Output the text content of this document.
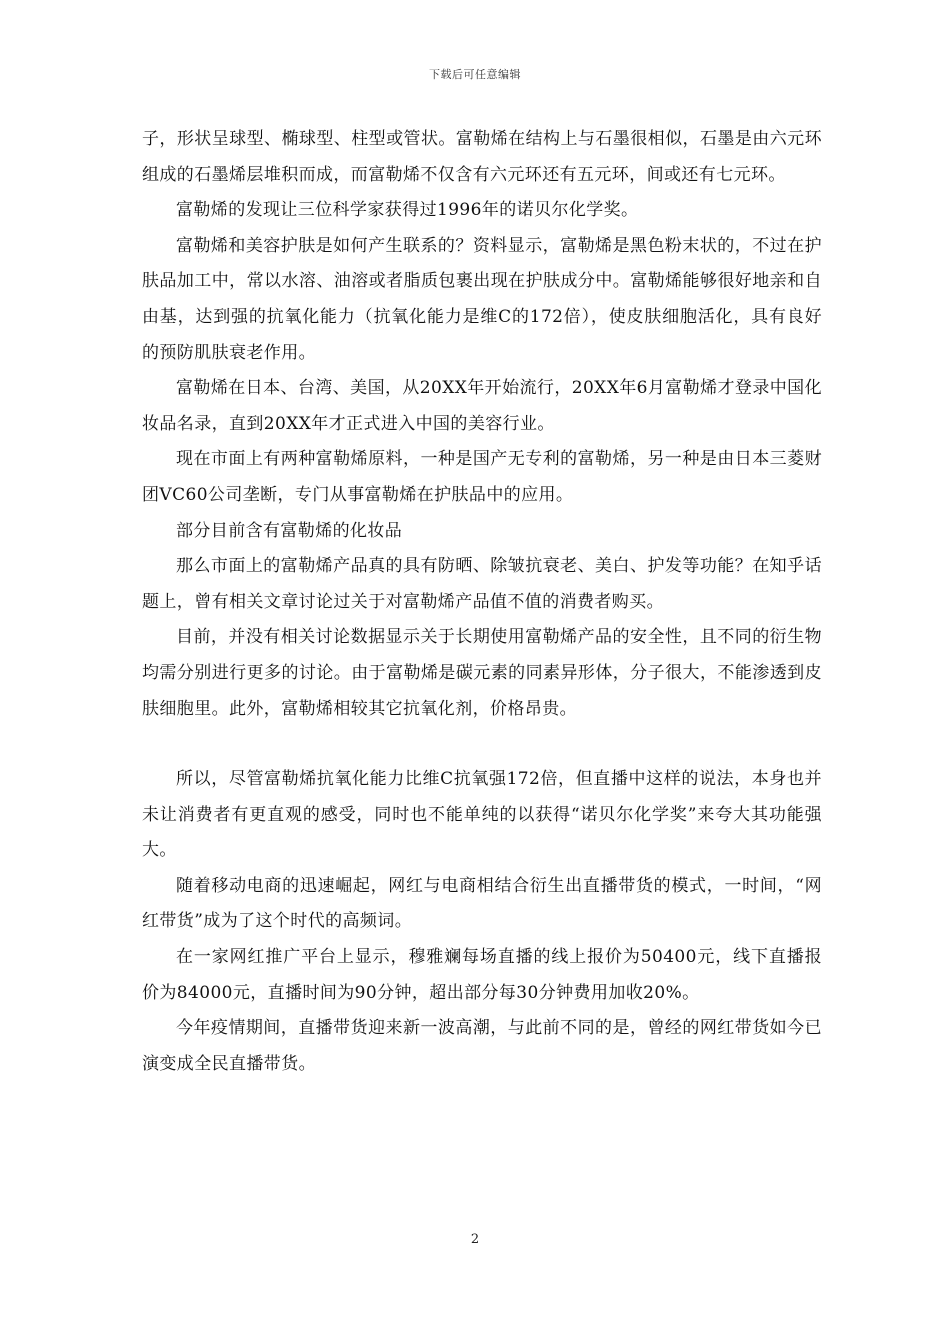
下载后可任意编辑

子，形状呈球型、椭球型、柱型或管状。富勒烯在结构上与石墨很相似，石墨是由六元环组成的石墨烯层堆积而成，而富勒烯不仅含有六元环还有五元环，间或还有七元环。

富勒烯的发现让三位科学家获得过1996年的诺贝尔化学奖。

富勒烯和美容护肤是如何产生联系的？资料显示，富勒烯是黑色粉末状的，不过在护肤品加工中，常以水溶、油溶或者脂质包裹出现在护肤成分中。富勒烯能够很好地亲和自由基，达到强的抗氧化能力（抗氧化能力是维C的172倍），使皮肤细胞活化，具有良好的预防肌肤衰老作用。

富勒烯在日本、台湾、美国，从20XX年开始流行，20XX年6月富勒烯才登录中国化妆品名录，直到20XX年才正式进入中国的美容行业。

现在市面上有两种富勒烯原料，一种是国产无专利的富勒烯，另一种是由日本三菱财团VC60公司垄断，专门从事富勒烯在护肤品中的应用。

部分目前含有富勒烯的化妆品

那么市面上的富勒烯产品真的具有防晒、除皱抗衰老、美白、护发等功能？在知乎话题上，曾有相关文章讨论过关于对富勒烯产品值不值的消费者购买。

目前，并没有相关讨论数据显示关于长期使用富勒烯产品的安全性，且不同的衍生物均需分别进行更多的讨论。由于富勒烯是碳元素的同素异形体，分子很大，不能渗透到皮肤细胞里。此外，富勒烯相较其它抗氧化剂，价格昂贵。

所以，尽管富勒烯抗氧化能力比维C抗氧强172倍，但直播中这样的说法，本身也并未让消费者有更直观的感受，同时也不能单纯的以获得“诺贝尔化学奖”来夸大其功能强大。

随着移动电商的迅速崛起，网红与电商相结合衍生出直播带货的模式，一时间，“网红带货”成为了这个时代的高频词。

在一家网红推广平台上显示，穆雅斓每场直播的线上报价为50400元，线下直播报价为84000元，直播时间为90分钟，超出部分每30分钟费用加收20%。

今年疫情期间，直播带货迎来新一波高潮，与此前不同的是，曾经的网红带货如今已演变成全民直播带货。

2
